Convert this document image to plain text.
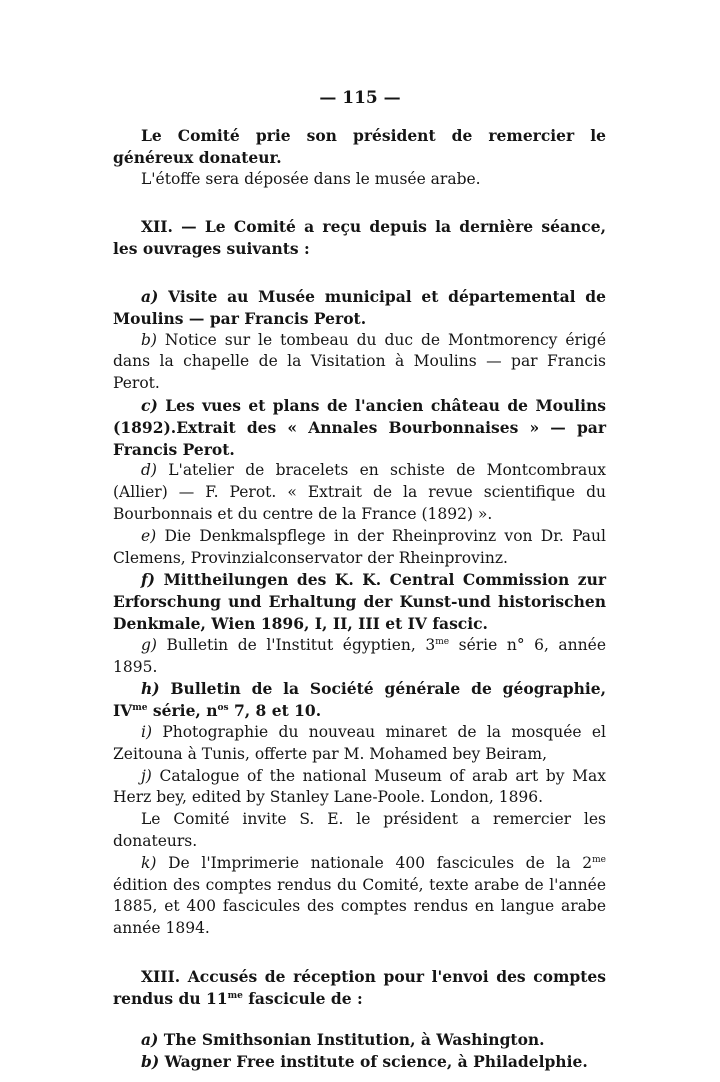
— 115 —

Le Comité prie son président de remercier le généreux donateur.

L'étoffe sera déposée dans le musée arabe.

XII. — Le Comité a reçu depuis la dernière séance, les ouvrages suivants :

a) Visite au Musée municipal et départemental de Moulins — par Francis Perot.

b) Notice sur le tombeau du duc de Montmorency érigé dans la chapelle de la Visitation à Moulins — par Francis Perot.

c) Les vues et plans de l'ancien château de Moulins (1892).Extrait des « Annales Bourbonnaises » — par Francis Perot.

d) L'atelier de bracelets en schiste de Montcombraux (Allier) — F. Perot. « Extrait de la revue scientifique du Bourbonnais et du centre de la France (1892) ».

e) Die Denkmalspflege in der Rheinprovinz von Dr. Paul Clemens, Provinzialconservator der Rheinprovinz.

f) Mittheilungen des K. K. Central Commission zur Erforschung und Erhaltung der Kunst-und historischen Denkmale, Wien 1896, I, II, III et IV fascic.

g) Bulletin de l'Institut égyptien, $3^{me}$ série n° 6, année 1895.

h) Bulletin de la Société générale de géographie, $IV^{me}$ série, $n^{os}$ 7, 8 et 10.

i) Photographie du nouveau minaret de la mosquée el Zeitouna à Tunis, offerte par M. Mohamed bey Beiram,

j) Catalogue of the national Museum of arab art by Max Herz bey, edited by Stanley Lane-Poole. London, 1896.

Le Comité invite S. E. le président a remercier les donateurs.

k) De l'Imprimerie nationale 400 fascicules de la $2^{me}$ édition des comptes rendus du Comité, texte arabe de l'année 1885, et 400 fascicules des comptes rendus en langue arabe année 1894.

XIII. Accusés de réception pour l'envoi des comptes rendus du $11^{me}$ fascicule de :

a) The Smithsonian Institution, à Washington.

b) Wagner Free institute of science, à Philadelphie.
